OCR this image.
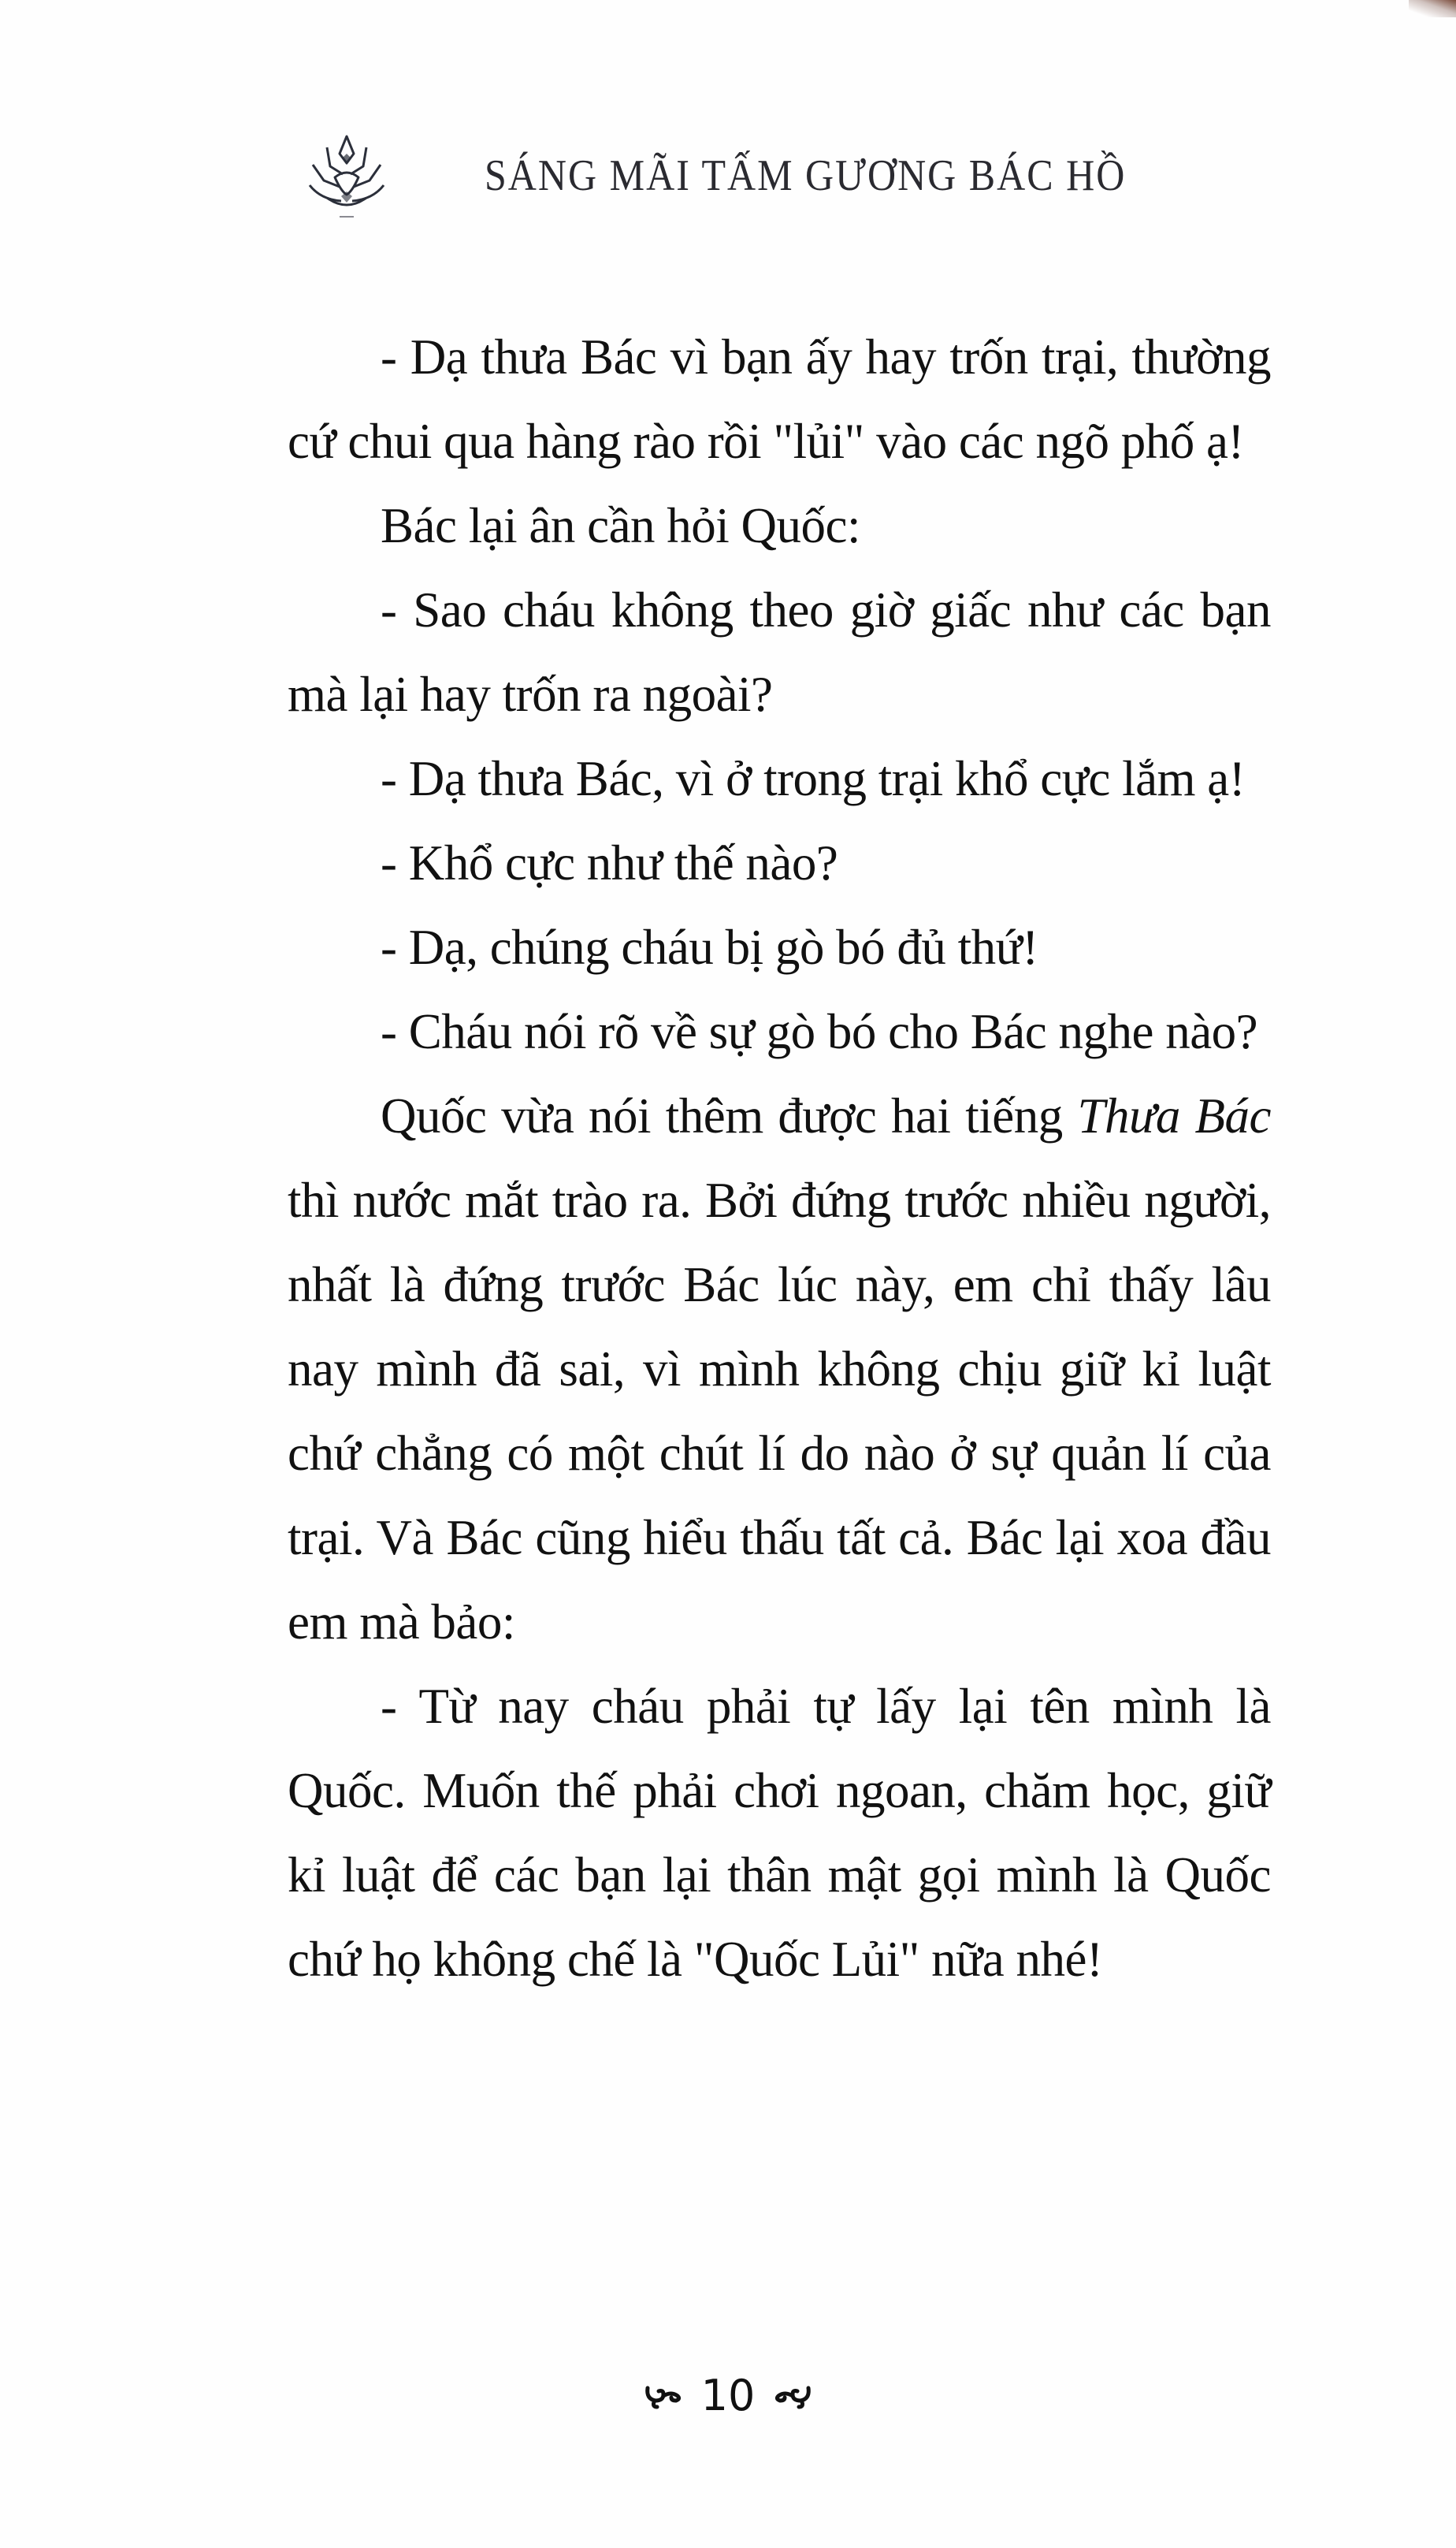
SÁNG MÃI TẤM GƯƠNG BÁC HỒ

- Dạ thưa Bác vì bạn ấy hay trốn trại, thường cứ chui qua hàng rào rồi "lủi" vào các ngõ phố ạ!

Bác lại ân cần hỏi Quốc:

- Sao cháu không theo giờ giấc như các bạn mà lại hay trốn ra ngoài?

- Dạ thưa Bác, vì ở trong trại khổ cực lắm ạ!

- Khổ cực như thế nào?

- Dạ, chúng cháu bị gò bó đủ thứ!

- Cháu nói rõ về sự gò bó cho Bác nghe nào?

Quốc vừa nói thêm được hai tiếng Thưa Bác thì nước mắt trào ra. Bởi đứng trước nhiều người, nhất là đứng trước Bác lúc này, em chỉ thấy lâu nay mình đã sai, vì mình không chịu giữ kỉ luật chứ chẳng có một chút lí do nào ở sự quản lí của trại. Và Bác cũng hiểu thấu tất cả. Bác lại xoa đầu em mà bảo:

- Từ nay cháu phải tự lấy lại tên mình là Quốc. Muốn thế phải chơi ngoan, chăm học, giữ kỉ luật để các bạn lại thân mật gọi mình là Quốc chứ họ không chế là "Quốc Lủi" nữa nhé!

10
